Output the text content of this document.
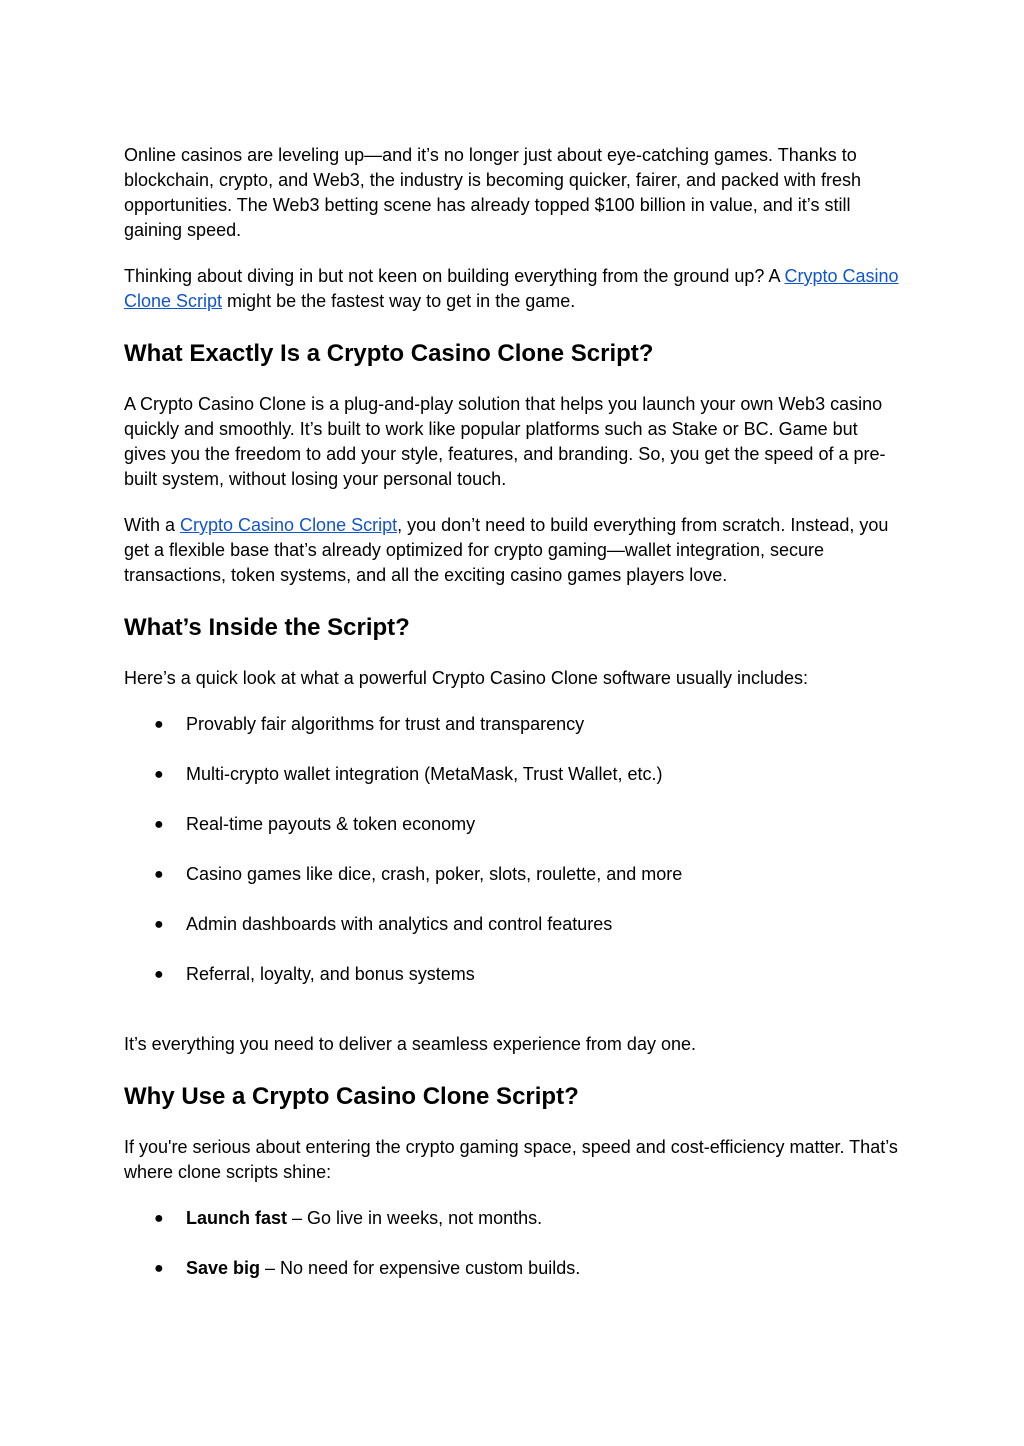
Online casinos are leveling up—and it’s no longer just about eye-catching games. Thanks to blockchain, crypto, and Web3, the industry is becoming quicker, fairer, and packed with fresh opportunities. The Web3 betting scene has already topped $100 billion in value, and it’s still gaining speed.

Thinking about diving in but not keen on building everything from the ground up? A Crypto Casino Clone Script might be the fastest way to get in the game.

What Exactly Is a Crypto Casino Clone Script?

A Crypto Casino Clone is a plug-and-play solution that helps you launch your own Web3 casino quickly and smoothly. It’s built to work like popular platforms such as Stake or BC. Game but gives you the freedom to add your style, features, and branding. So, you get the speed of a pre-built system, without losing your personal touch.

With a Crypto Casino Clone Script, you don’t need to build everything from scratch. Instead, you get a flexible base that’s already optimized for crypto gaming—wallet integration, secure transactions, token systems, and all the exciting casino games players love.

What’s Inside the Script?

Here’s a quick look at what a powerful Crypto Casino Clone software usually includes:

● Provably fair algorithms for trust and transparency
● Multi-crypto wallet integration (MetaMask, Trust Wallet, etc.)
● Real-time payouts & token economy
● Casino games like dice, crash, poker, slots, roulette, and more
● Admin dashboards with analytics and control features
● Referral, loyalty, and bonus systems

It’s everything you need to deliver a seamless experience from day one.

Why Use a Crypto Casino Clone Script?

If you're serious about entering the crypto gaming space, speed and cost-efficiency matter. That’s where clone scripts shine:

● Launch fast – Go live in weeks, not months.
● Save big – No need for expensive custom builds.
